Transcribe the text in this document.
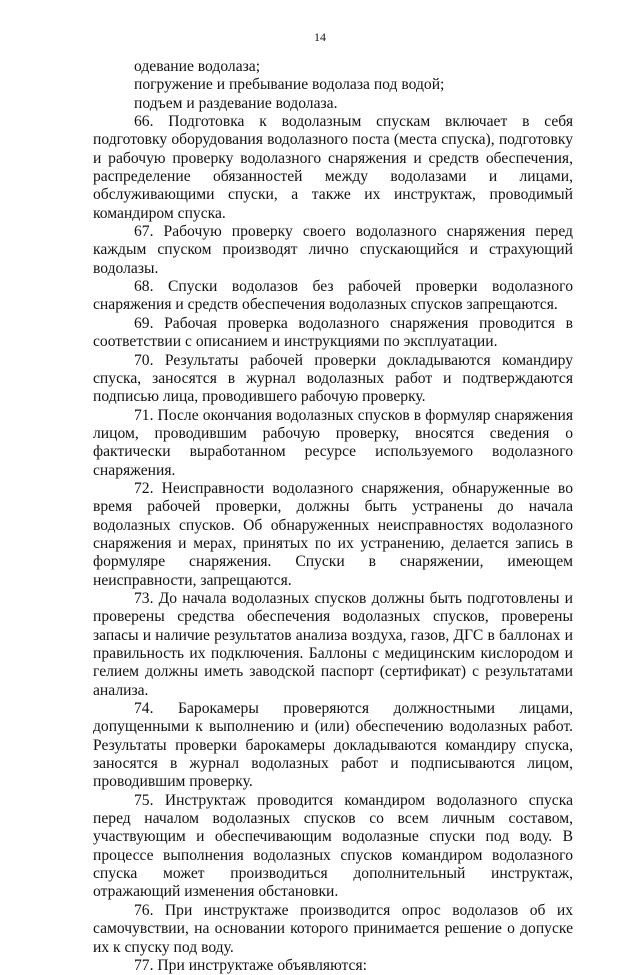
14

одевание водолаза;

погружение и пребывание водолаза под водой;

подъем и раздевание водолаза.

66. Подготовка к водолазным спускам включает в себя подготовку оборудования водолазного поста (места спуска), подготовку и рабочую проверку водолазного снаряжения и средств обеспечения, распределение обязанностей между водолазами и лицами, обслуживающими спуски, а также их инструктаж, проводимый командиром спуска.

67. Рабочую проверку своего водолазного снаряжения перед каждым спуском производят лично спускающийся и страхующий водолазы.

68. Спуски водолазов без рабочей проверки водолазного снаряжения и средств обеспечения водолазных спусков запрещаются.

69. Рабочая проверка водолазного снаряжения проводится в соответствии с описанием и инструкциями по эксплуатации.

70. Результаты рабочей проверки докладываются командиру спуска, заносятся в журнал водолазных работ и подтверждаются подписью лица, проводившего рабочую проверку.

71. После окончания водолазных спусков в формуляр снаряжения лицом, проводившим рабочую проверку, вносятся сведения о фактически выработанном ресурсе используемого водолазного снаряжения.

72. Неисправности водолазного снаряжения, обнаруженные во время рабочей проверки, должны быть устранены до начала водолазных спусков. Об обнаруженных неисправностях водолазного снаряжения и мерах, принятых по их устранению, делается запись в формуляре снаряжения. Спуски в снаряжении, имеющем неисправности, запрещаются.

73. До начала водолазных спусков должны быть подготовлены и проверены средства обеспечения водолазных спусков, проверены запасы и наличие результатов анализа воздуха, газов, ДГС в баллонах и правильность их подключения. Баллоны с медицинским кислородом и гелием должны иметь заводской паспорт (сертификат) с результатами анализа.

74. Барокамеры проверяются должностными лицами, допущенными к выполнению и (или) обеспечению водолазных работ. Результаты проверки барокамеры докладываются командиру спуска, заносятся в журнал водолазных работ и подписываются лицом, проводившим проверку.

75. Инструктаж проводится командиром водолазного спуска перед началом водолазных спусков со всем личным составом, участвующим и обеспечивающим водолазные спуски под воду. В процессе выполнения водолазных спусков командиром водолазного спуска может производиться дополнительный инструктаж, отражающий изменения обстановки.

76. При инструктаже производится опрос водолазов об их самочувствии, на основании которого принимается решение о допуске их к спуску под воду.

77. При инструктаже объявляются:
